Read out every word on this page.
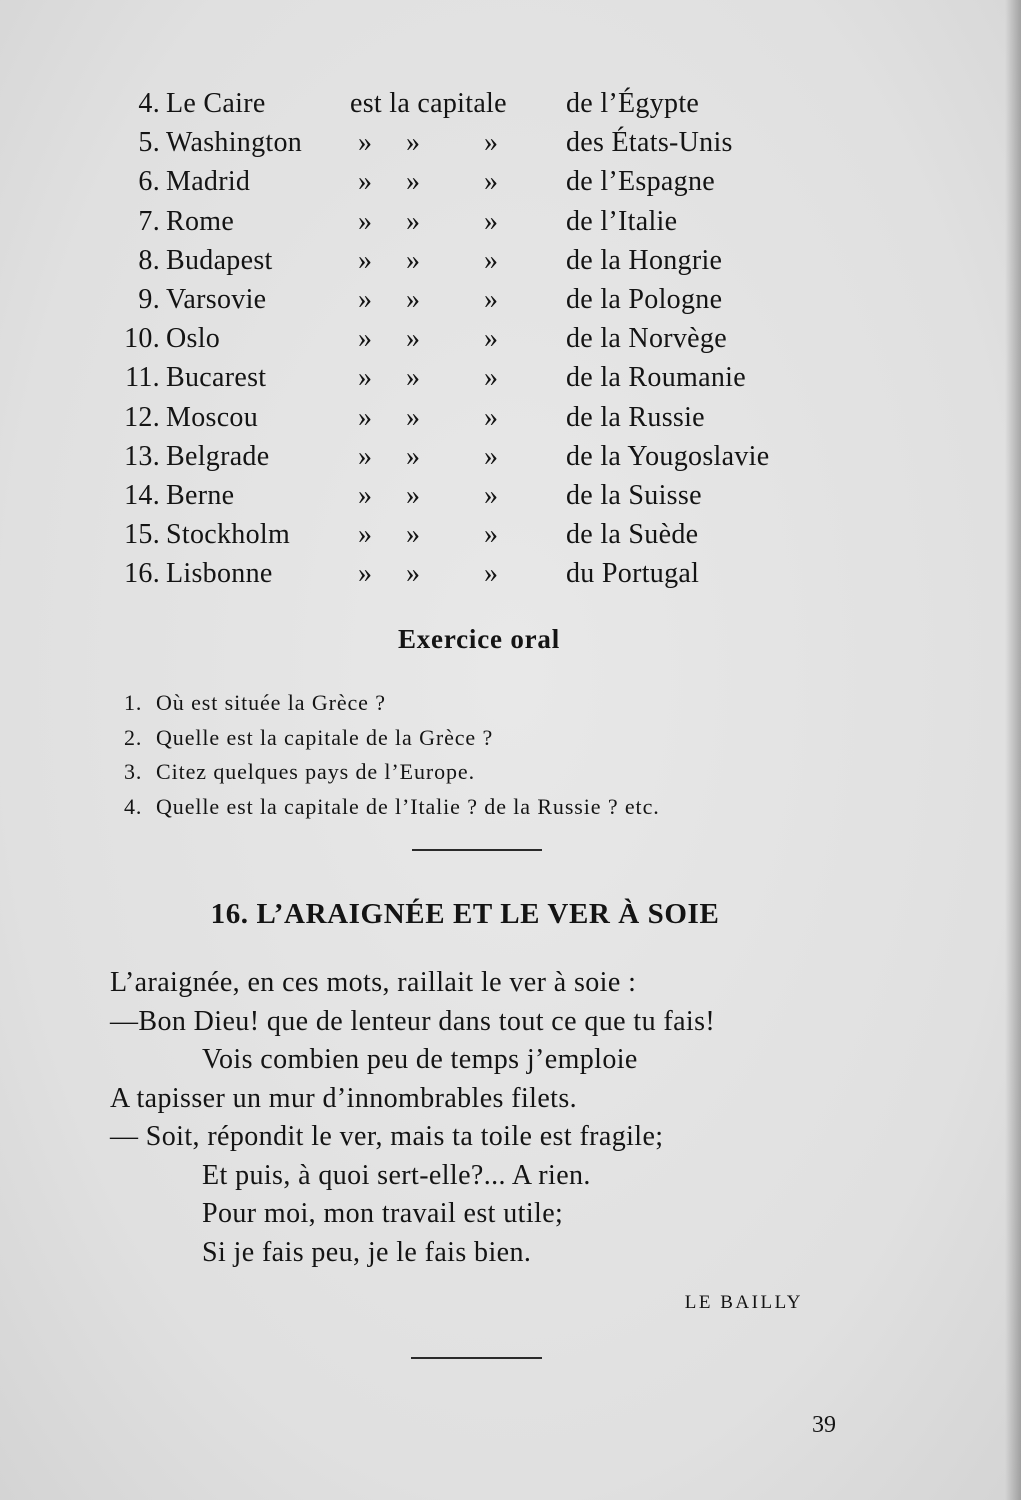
4. Le Caire	est la capitale de l’Égypte
5. Washington » » » des États-Unis
6. Madrid	» » » de l’Espagne
7. Rome	» » » de l’Italie
8. Budapest	» » » de la Hongrie
9. Varsovie	» » » de la Pologne
10. Oslo	» » » de la Norvège
11. Bucarest	» » » de la Roumanie
12. Moscou	» » » de la Russie
13. Belgrade	» » » de la Yougoslavie
14. Berne	» » » de la Suisse
15. Stockholm » » » de la Suède
16. Lisbonne	» » » du Portugal
Exercice oral
1. Où est située la Grèce ?
2. Quelle est la capitale de la Grèce ?
3. Citez quelques pays de l’Europe.
4. Quelle est la capitale de l’Italie ? de la Russie ? etc.
16. L’ARAIGNÉE ET LE VER À SOIE
L’araignée, en ces mots, raillait le ver à soie :
—Bon Dieu! que de lenteur dans tout ce que tu fais!
Vois combien peu de temps j’emploie
A tapisser un mur d’innombrables filets.
— Soit, répondit le ver, mais ta toile est fragile;
Et puis, à quoi sert-elle?... A rien.
Pour moi, mon travail est utile;
Si je fais peu, je le fais bien.
LE BAILLY
39
